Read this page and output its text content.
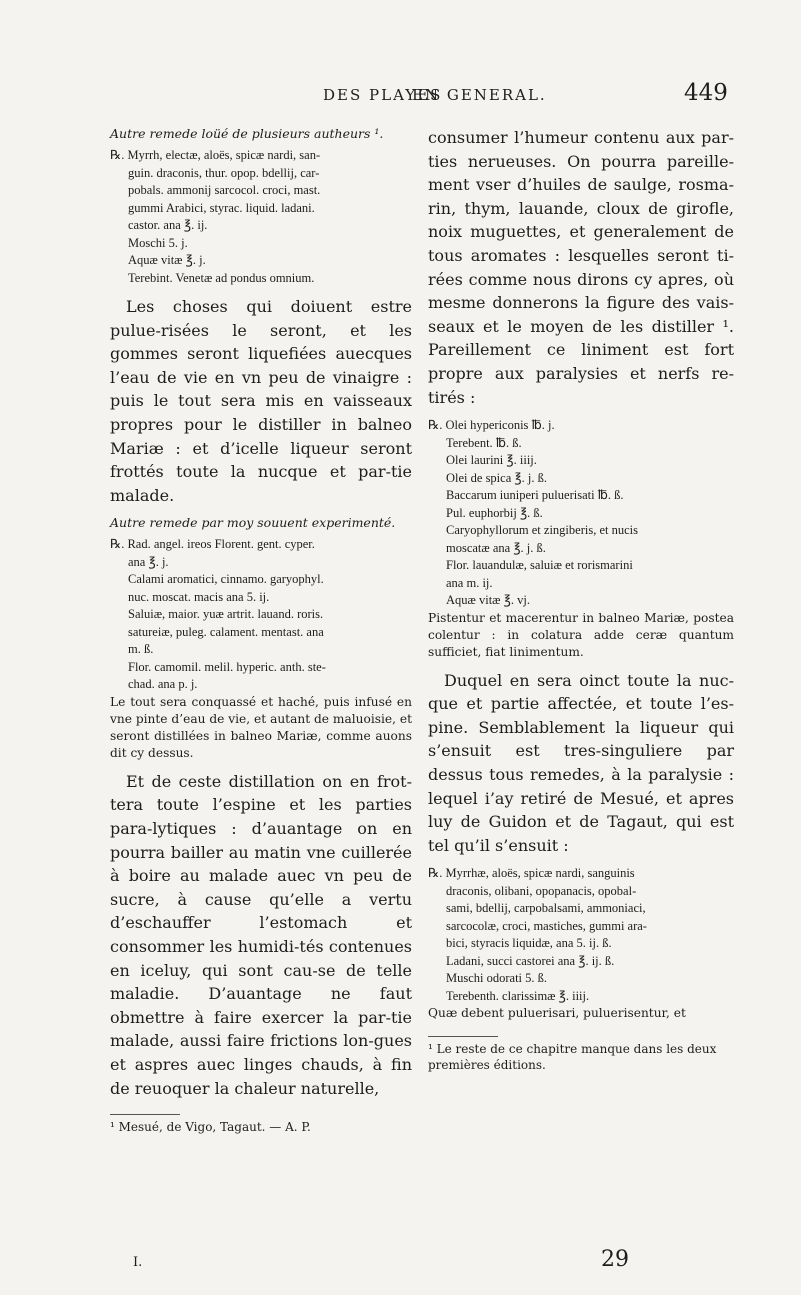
DES PLAYES
EN GENERAL.	449
Autre remede loüé de plusieurs autheurs ¹.

℞. Myrrh, electæ, aloës, spicæ nardi, san-

guin. draconis, thur. opop. bdellij, car-

pobals. ammonij sarcocol. croci, mast.

gummi Arabici, styrac. liquid. ladani.

castor. ana ℥. ij.

Moschi 5. j.

Aquæ vitæ ℥. j.

Terebint. Venetæ ad pondus omnium.

Les choses qui doiuent estre pulue-risées le seront, et les gommes seront liquefiées auecques l’eau de vie en vn peu de vinaigre : puis le tout sera mis en vaisseaux propres pour le distiller in balneo Mariæ : et d’icelle liqueur seront frottés toute la nucque et par-tie malade.

Autre remede par moy souuent experimenté.

℞. Rad. angel. ireos Florent. gent. cyper.

ana ℥. j.

Calami aromatici, cinnamo. garyophyl.

nuc. moscat. macis ana 5. ij.

Saluiæ, maior. yuæ artrit. lauand. roris.

satureiæ, puleg. calament. mentast. ana

m. ß.

Flor. camomil. melil. hyperic. anth. ste-

chad. ana p. j.

Le tout sera conquassé et haché, puis infusé en vne pinte d’eau de vie, et autant de maluoisie, et seront distillées in balneo Mariæ, comme auons dit cy dessus.

Et de ceste distillation on en frot-tera toute l’espine et les parties para-lytiques : d’auantage on en pourra bailler au matin vne cuillerée à boire au malade auec vn peu de sucre, à cause qu’elle a vertu d’eschauffer l’estomach et consommer les humidi-tés contenues en iceluy, qui sont cau-se de telle maladie. D’auantage ne faut obmettre à faire exercer la par-tie malade, aussi faire frictions lon-gues et aspres auec linges chauds, à fin de reuoquer la chaleur naturelle,

¹ Mesué, de Vigo, Tagaut. — A. P.

consumer l’humeur contenu aux par-ties nerueuses. On pourra pareille-ment vser d’huiles de saulge, rosma-rin, thym, lauande, cloux de girofle, noix muguettes, et generalement de tous aromates : lesquelles seront ti-rées comme nous dirons cy apres, où mesme donnerons la figure des vais-seaux et le moyen de les distiller ¹. Pareillement ce liniment est fort propre aux paralysies et nerfs re-tirés :

℞. Olei hypericonis ℔. j.

Terebent. ℔. ß.

Olei laurini ℥. iiij.

Olei de spica ℥. j. ß.

Baccarum iuniperi puluerisati ℔. ß.

Pul. euphorbij ℥. ß.

Caryophyllorum et zingiberis, et nucis

moscatæ ana ℥. j. ß.

Flor. lauandulæ, saluiæ et rorismarini

ana m. ij.

Aquæ vitæ ℥. vj.

Pistentur et macerentur in balneo Mariæ, postea colentur : in colatura adde ceræ quantum sufficiet, fiat linimentum.

Duquel en sera oinct toute la nuc-que et partie affectée, et toute l’es-pine. Semblablement la liqueur qui s’ensuit est tres-singuliere par dessus tous remedes, à la paralysie : lequel i’ay retiré de Mesué, et apres luy de Guidon et de Tagaut, qui est tel qu’il s’ensuit :

℞. Myrrhæ, aloës, spicæ nardi, sanguinis

draconis, olibani, opopanacis, opobal-

sami, bdellij, carpobalsami, ammoniaci,

sarcocolæ, croci, mastiches, gummi ara-

bici, styracis liquidæ, ana 5. ij. ß.

Ladani, succi castorei ana ℥. ij. ß.

Muschi odorati 5. ß.

Terebenth. clarissimæ ℥. iiij.

Quæ debent puluerisari, puluerisentur, et

¹ Le reste de ce chapitre manque dans les deux premières éditions.

I.	29
